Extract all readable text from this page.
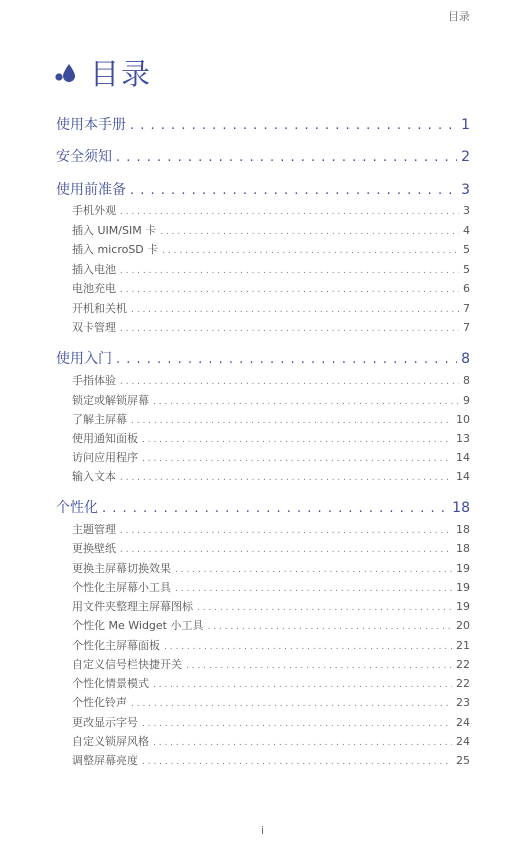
目录
目录
使用本手册 . . .	1
安全须知 . . .	2
使用前准备 . . .	3
手机外观 . . .	3
插入 UIM/SIM 卡 . . .	4
插入 microSD 卡 . . .	5
插入电池 . . .	5
电池充电 . . .	6
开机和关机 . . .	7
双卡管理 . . .	7
使用入门 . . .	8
手指体验 . . .	8
锁定或解锁屏幕 . . .	9
了解主屏幕 . . .	10
使用通知面板 . . .	13
访问应用程序 . . .	14
输入文本 . . .	14
个性化 . . .	18
主题管理 . . .	18
更换壁纸 . . .	18
更换主屏幕切换效果 . . .	19
个性化主屏幕小工具 . . .	19
用文件夹整理主屏幕图标 . . .	19
个性化 Me Widget 小工具 . . .	20
个性化主屏幕面板 . . .	21
自定义信号栏快捷开关 . . .	22
个性化情景模式 . . .	22
个性化铃声 . . .	23
更改显示字号 . . .	24
自定义锁屏风格 . . .	24
调整屏幕亮度 . . .	25
i
